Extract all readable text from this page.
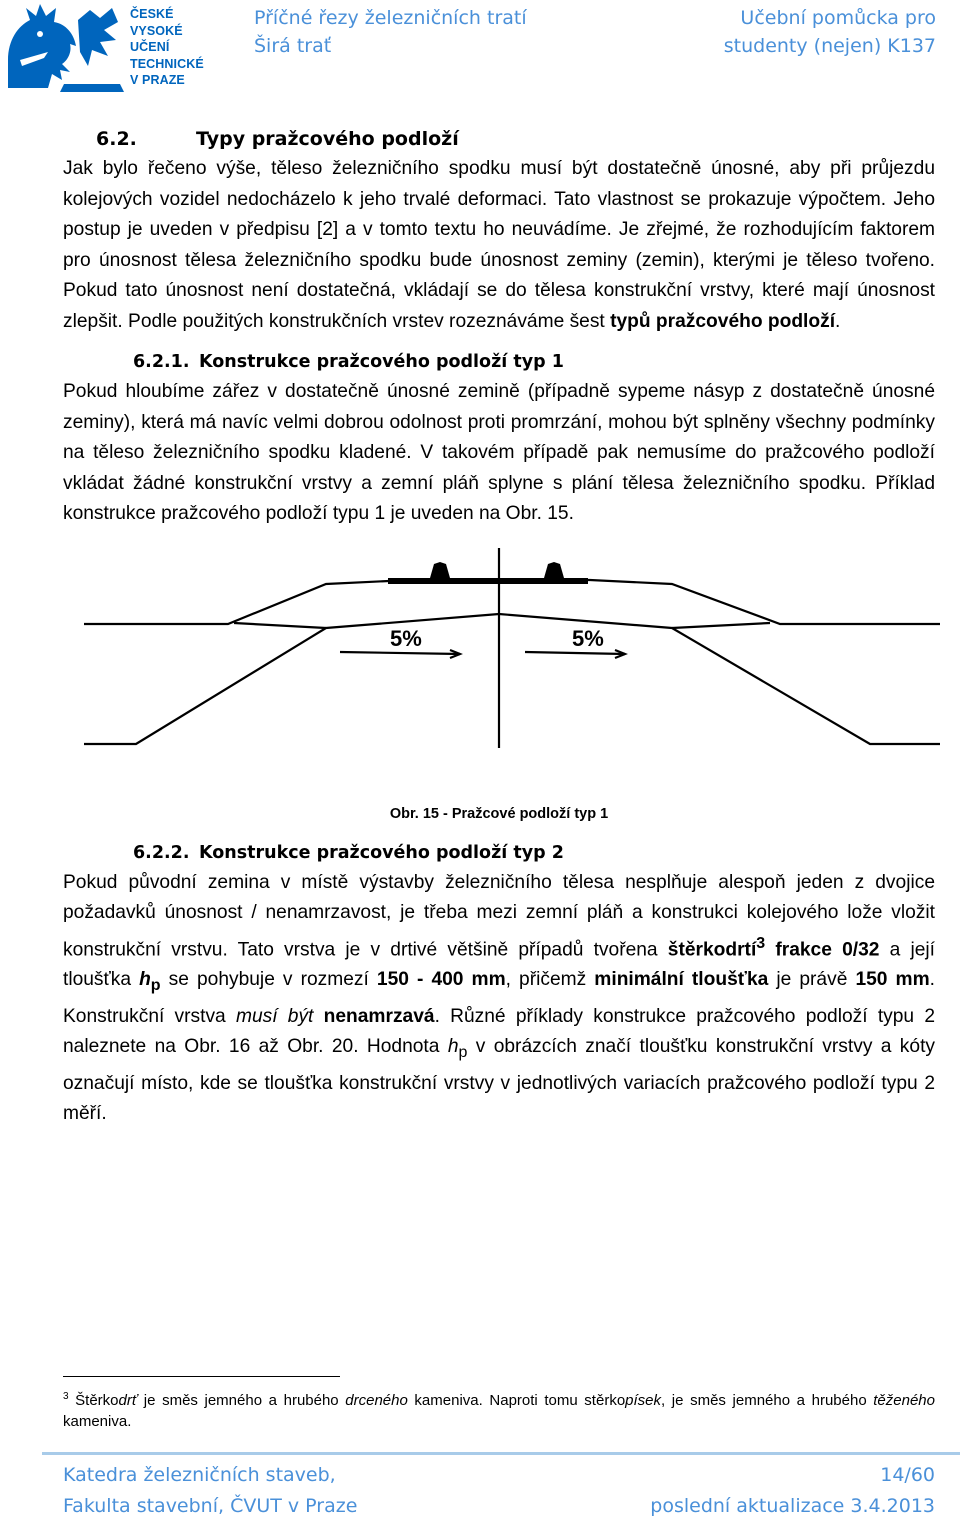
ČESKÉ
VYSOKÉ
UČENÍ
TECHNICKÉ
V PRAZE
Příčné řezy železničních tratí
Širá trať
Učební pomůcka pro
studenty (nejen) K137
6.2.	Typy pražcového podloží

Jak bylo řečeno výše, těleso železničního spodku musí být dostatečně únosné, aby při průjezdu kolejových vozidel nedocházelo k jeho trvalé deformaci. Tato vlastnost se prokazuje výpočtem. Jeho postup je uveden v předpisu [2] a v tomto textu ho neuvádíme. Je zřejmé, že rozhodujícím faktorem pro únosnost tělesa železničního spodku bude únosnost zeminy (zemin), kterými je těleso tvořeno. Pokud tato únosnost není dostatečná, vkládají se do tělesa konstrukční vrstvy, které mají únosnost zlepšit. Podle použitých konstrukčních vrstev rozeznáváme šest typů pražcového podloží.

6.2.1. Konstrukce pražcového podloží typ 1

Pokud hloubíme zářez v dostatečně únosné zemině (případně sypeme násyp z dostatečně únosné zeminy), která má navíc velmi dobrou odolnost proti promrzání, mohou být splněny všechny podmínky na těleso železničního spodku kladené. V takovém případě pak nemusíme do pražcového podloží vkládat žádné konstrukční vrstvy a zemní pláň splyne s plání tělesa železničního spodku. Příklad konstrukce pražcového podloží typu 1 je uveden na Obr. 15.

5%	5%
Obr. 15 - Pražcové podloží typ 1
6.2.2. Konstrukce pražcového podloží typ 2

Pokud původní zemina v místě výstavby železničního tělesa nesplňuje alespoň jeden z dvojice požadavků únosnost / nenamrzavost, je třeba mezi zemní pláň a konstrukci kolejového lože vložit konstrukční vrstvu. Tato vrstva je v drtivé většině případů tvořena štěrkodrtí$^3$ frakce 0/32 a její tloušťka $h_p$ se pohybuje v rozmezí 150 - 400 mm, přičemž minimální tloušťka je právě 150 mm. Konstrukční vrstva musí být nenamrzavá. Různé příklady konstrukce pražcového podloží typu 2 naleznete na Obr. 16 až Obr. 20. Hodnota $h_p$ v obrázcích značí tloušťku konstrukční vrstvy a kóty označují místo, kde se tloušťka konstrukční vrstvy v jednotlivých variacích pražcového podloží typu 2 měří.

$^3$ Štěrkodrť je směs jemného a hrubého drceného kameniva. Naproti tomu stěrkopísek, je směs jemného a hrubého těženého kameniva.
Katedra železničních staveb,
Fakulta stavební, ČVUT v Praze
14/60
poslední aktualizace 3.4.2013
